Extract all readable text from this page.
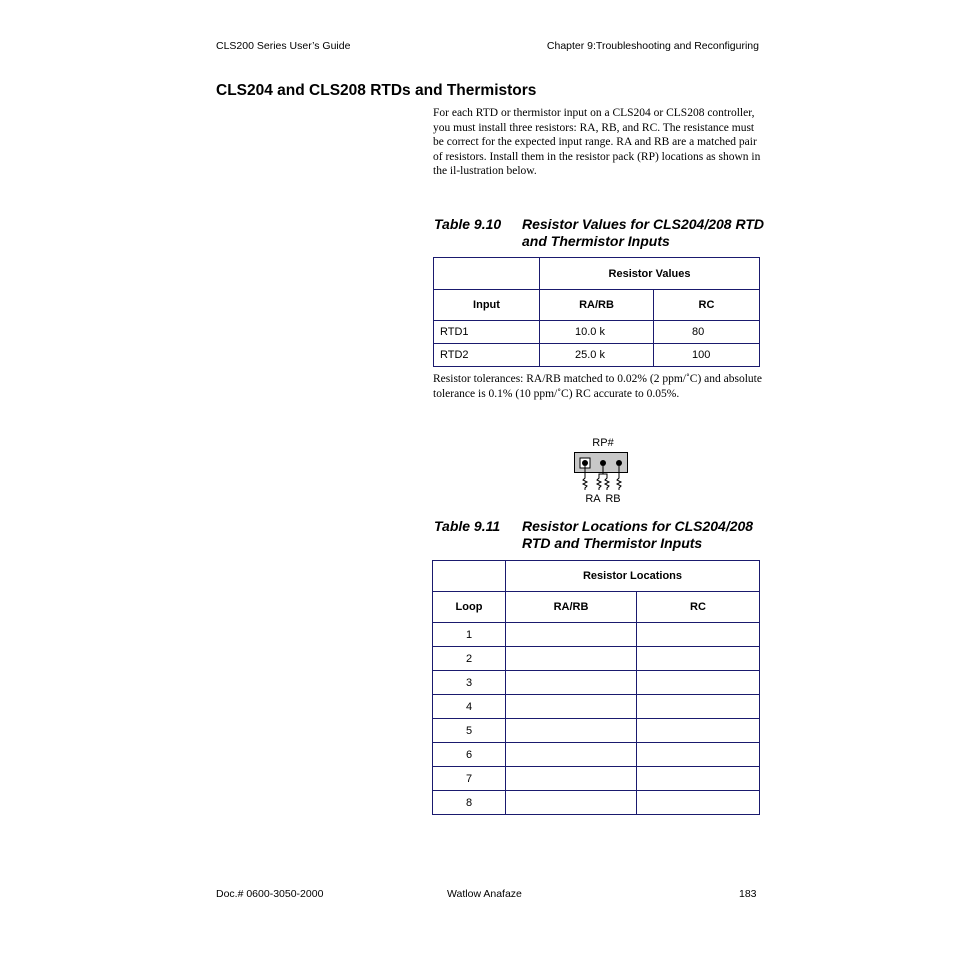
CLS200 Series User’s Guide	Chapter 9:Troubleshooting and Reconfiguring
CLS204 and CLS208 RTDs and Thermistors
For each RTD or thermistor input on a CLS204 or CLS208 controller, you must install three resistors: RA, RB, and RC. The resistance must be correct for the expected input range. RA and RB are a matched pair of resistors. Install them in the resistor pack (RP) locations as shown in the il-lustration below.
Table 9.10 Resistor Values for CLS204/208 RTD and Thermistor Inputs
	Resistor Values	
Input	RA/RB	RC
RTD1	10.0 k	80
RTD2	25.0 k	100
Resistor tolerances: RA/RB matched to 0.02% (2 ppm/˚C) and absolute tolerance is 0.1% (10 ppm/˚C) RC accurate to 0.05%.
RP#
RA RB
Table 9.11 Resistor Locations for CLS204/208 RTD and Thermistor Inputs
	Resistor Locations	
Loop	RA/RB	RC
1		
2		
3		
4		
5		
6		
7		
8		
Doc.# 0600-3050-2000	Watlow Anafaze	183
